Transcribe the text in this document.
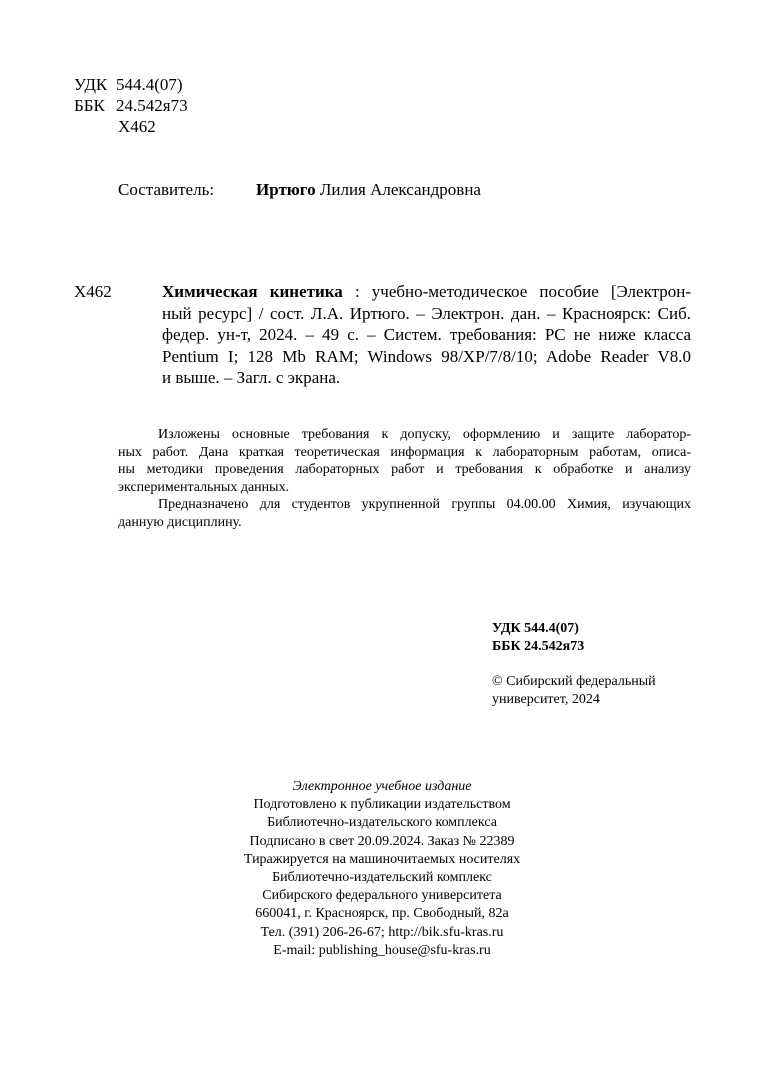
УДК 544.4(07)
ББК 24.542я73
Х462
Составитель: Иртюго Лилия Александровна
Х462	Химическая кинетика : учебно-методическое пособие [Электрон-
ный ресурс] / сост. Л.А. Иртюго. – Электрон. дан. – Красноярск: Сиб.
федер. ун-т, 2024. – 49 с. – Систем. требования: PC не ниже класса
Pentium I; 128 Mb RAM; Windows 98/XP/7/8/10; Adobe Reader V8.0
и выше. – Загл. с экрана.
Изложены основные требования к допуску, оформлению и защите лаборатор-
ных работ. Дана краткая теоретическая информация к лабораторным работам, описа-
ны методики проведения лабораторных работ и требования к обработке и анализу
экспериментальных данных.
Предназначено для студентов укрупненной группы 04.00.00 Химия, изучающих
данную дисциплину.
УДК 544.4(07)
ББК 24.542я73
© Сибирский федеральный
университет, 2024
Электронное учебное издание
Подготовлено к публикации издательством
Библиотечно-издательского комплекса
Подписано в свет 20.09.2024. Заказ № 22389
Тиражируется на машиночитаемых носителях
Библиотечно-издательский комплекс
Сибирского федерального университета
660041, г. Красноярск, пр. Свободный, 82а
Тел. (391) 206-26-67; http://bik.sfu-kras.ru
E-mail: publishing_house@sfu-kras.ru
